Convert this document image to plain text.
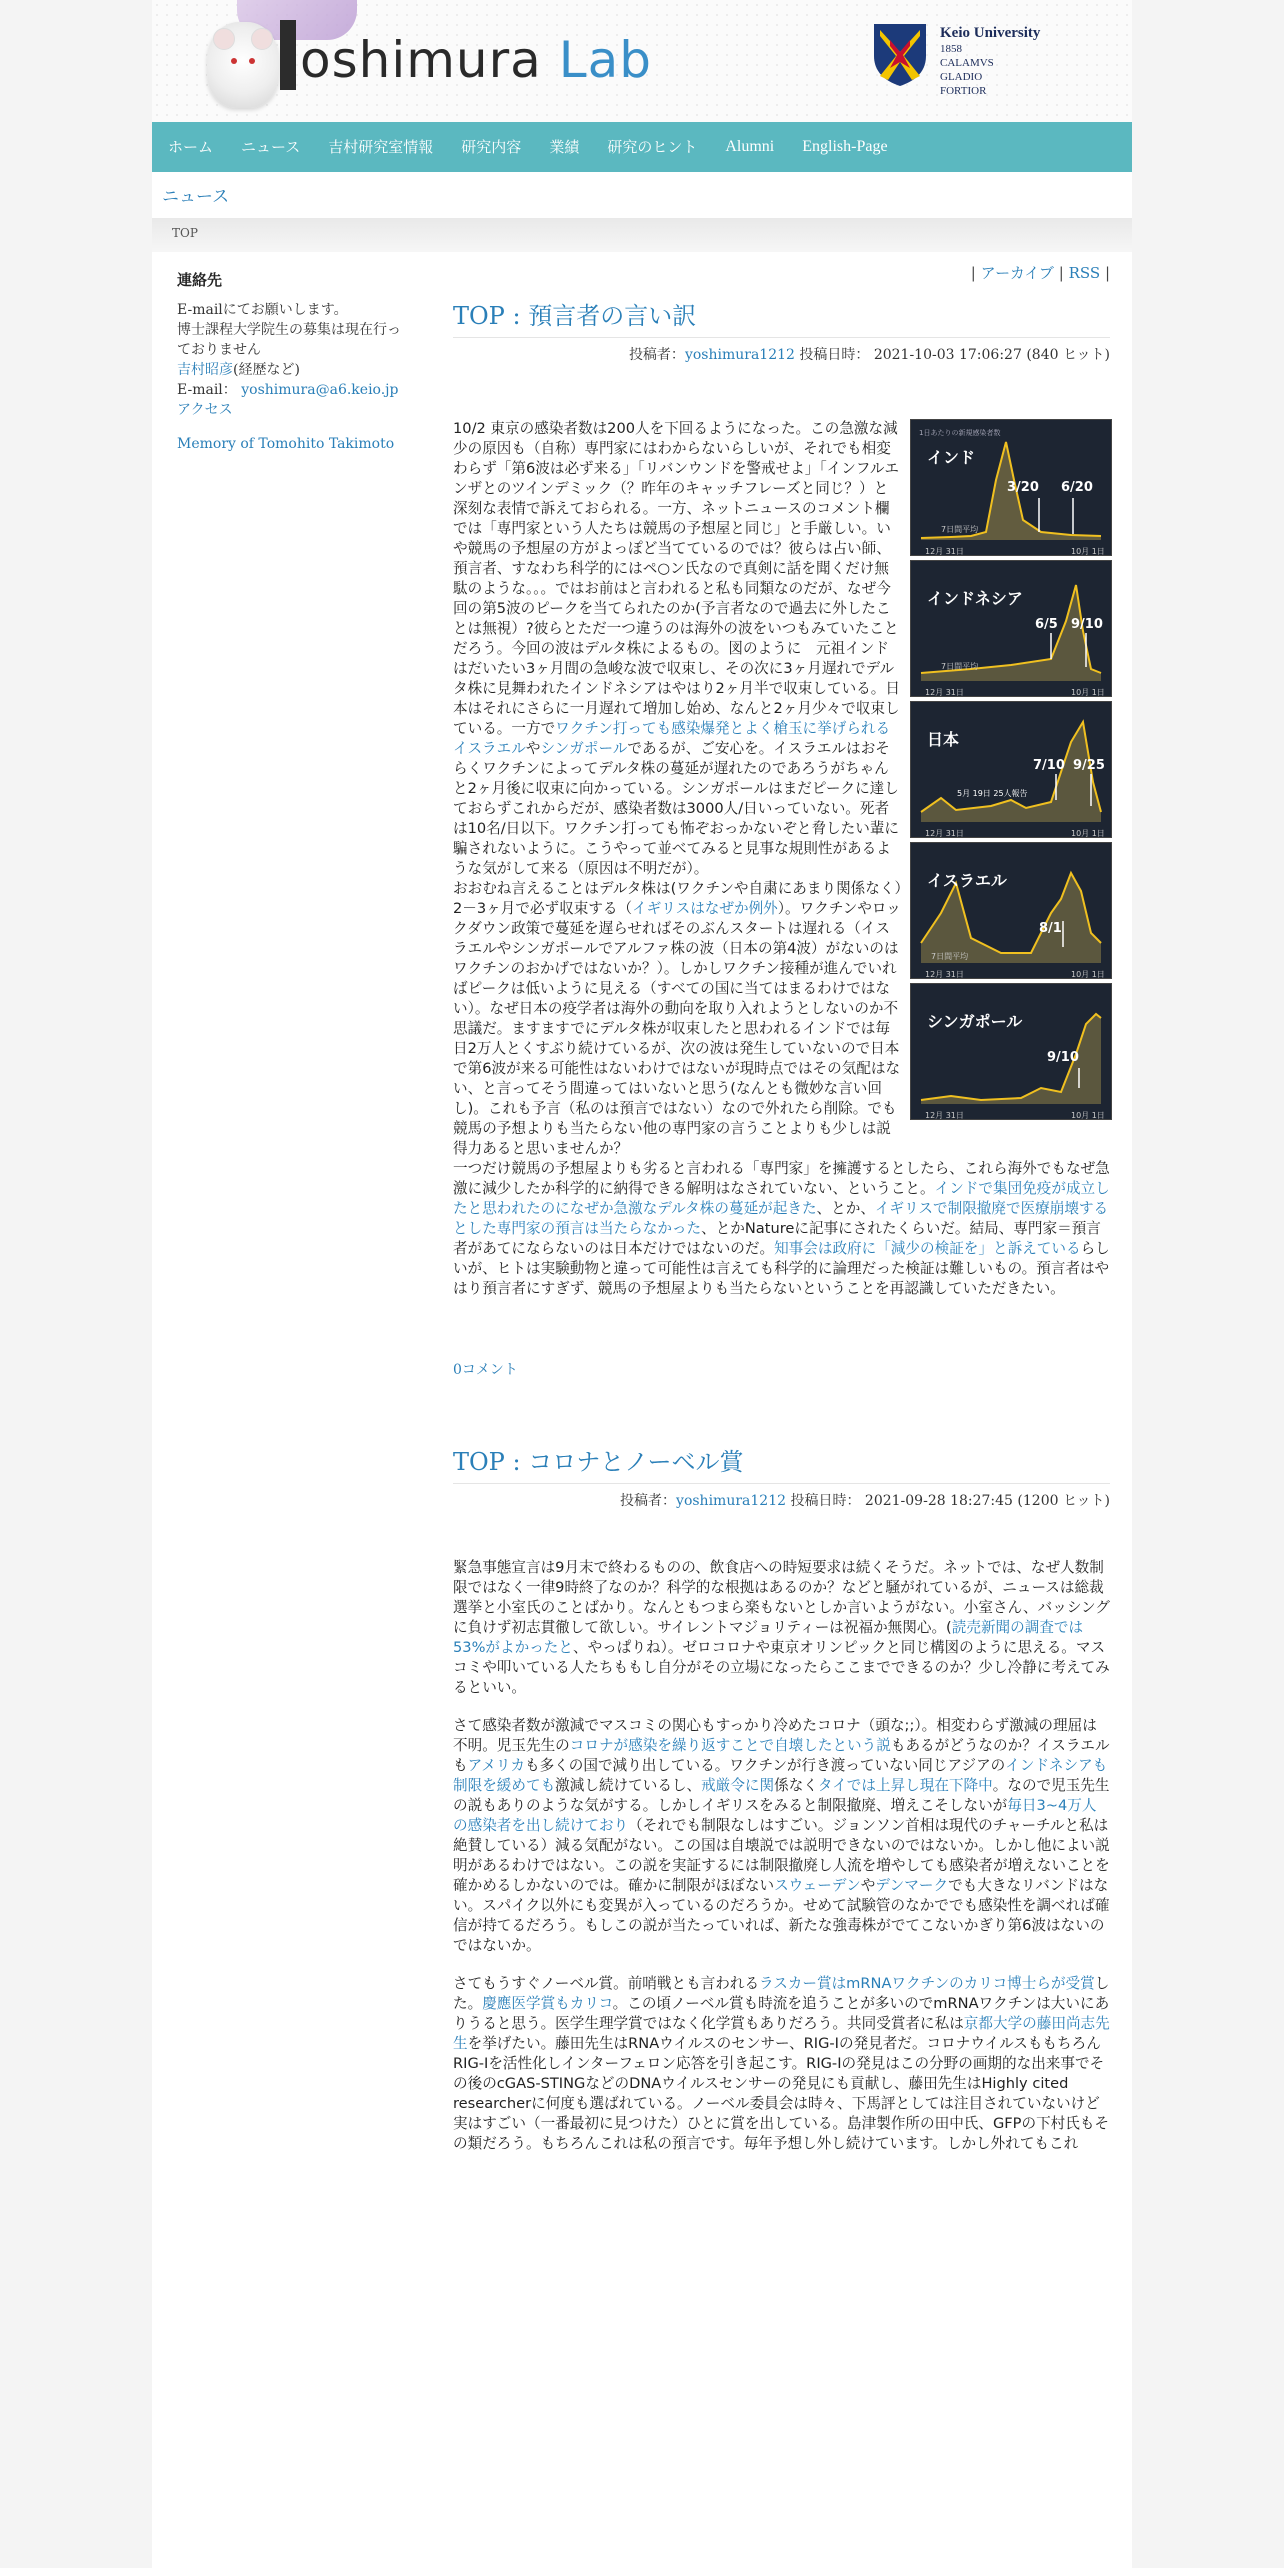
oshimura Lab	Keio University
1858
CALAMVS
GLADIO
FORTIOR
ホーム ニュース 吉村研究室情報 研究内容 業績 研究のヒント Alumni English-Page
ニュース
TOP
連絡先

E-mailにてお願いします。

博士課程大学院生の募集は現在行っておりません

吉村昭彦(経歴など)

E-mail： yoshimura@a6.keio.jp

アクセス

Memory of Tomohito Takimoto

| アーカイブ | RSS |
TOP : 預言者の言い訳
投稿者：yoshimura1212 投稿日時： 2021-10-03 17:06:27 (840 ヒット)
1日あたりの新規感染者数
インド
3/20 6/20
7日間平均
12月 31日	10月 1日
インドネシア
6/5 9/10
7日間平均
12月 31日	10月 1日
日本
7/10 9/25
5月 19日 25人報告
12月 31日	10月 1日
イスラエル
8/1
7日間平均
12月 31日	10月 1日
シンガポール
9/10
12月 31日	10月 1日

10/2 東京の感染者数は200人を下回るようになった。この急激な減少の原因も（自称）専門家にはわからないらしいが、それでも相変わらず「第6波は必ず来る」「リバンウンドを警戒せよ」「インフルエンザとのツインデミック（？昨年のキャッチフレーズと同じ？）と深刻な表情で訴えておられる。一方、ネットニュースのコメント欄では「専門家という人たちは競馬の予想屋と同じ」と手厳しい。いや競馬の予想屋の方がよっぽど当てているのでは？彼らは占い師、預言者、すなわち科学的にはペ○ン氏なので真剣に話を聞くだけ無駄のような。。。ではお前はと言われると私も同類なのだが、なぜ今回の第5波のピークを当てられたのか(予言者なので過去に外したことは無視）?彼らとただ一つ違うのは海外の波をいつもみていたことだろう。今回の波はデルタ株によるもの。図のように　元祖インドはだいたい3ヶ月間の急峻な波で収束し、その次に3ヶ月遅れでデルタ株に見舞われたインドネシアはやはり2ヶ月半で収束している。日本はそれにさらに一月遅れて増加し始め、なんと2ヶ月少々で収束している。一方でワクチン打っても感染爆発とよく槍玉に挙げられるイスラエルやシンガポールであるが、ご安心を。イスラエルはおそらくワクチンによってデルタ株の蔓延が遅れたのであろうがちゃんと2ヶ月後に収束に向かっている。シンガポールはまだピークに達しておらずこれからだが、感染者数は3000人/日いっていない。死者は10名/日以下。ワクチン打っても怖ぞおっかないぞと脅したい輩に騙されないように。こうやって並べてみると見事な規則性があるような気がして来る（原因は不明だが）。

おおむね言えることはデルタ株は(ワクチンや自粛にあまり関係なく）2－3ヶ月で必ず収束する（イギリスはなぜか例外）。ワクチンやロックダウン政策で蔓延を遅らせればそのぶんスタートは遅れる（イスラエルやシンガポールでアルファ株の波（日本の第4波）がないのはワクチンのおかげではないか？）。しかしワクチン接種が進んでいればピークは低いように見える（すべての国に当てはまるわけではない）。なぜ日本の疫学者は海外の動向を取り入れようとしないのか不思議だ。ますますでにデルタ株が収束したと思われるインドでは毎日2万人とくすぶり続けているが、次の波は発生していないので日本で第6波が来る可能性はないわけではないが現時点ではその気配はない、と言ってそう間違ってはいないと思う(なんとも微妙な言い回し)。これも予言（私のは預言ではない）なので外れたら削除。でも競馬の予想よりも当たらない他の専門家の言うことよりも少しは説得力あると思いませんか？

一つだけ競馬の予想屋よりも劣ると言われる「専門家」を擁護するとしたら、これら海外でもなぜ急激に減少したか科学的に納得できる解明はなされていない、ということ。インドで集団免疫が成立したと思われたのになぜか急激なデルタ株の蔓延が起きた、とか、イギリスで制限撤廃で医療崩壊するとした専門家の預言は当たらなかった、とかNatureに記事にされたくらいだ。結局、専門家＝預言者があてにならないのは日本だけではないのだ。知事会は政府に「減少の検証を」と訴えているらしいが、ヒトは実験動物と違って可能性は言えても科学的に論理だった検証は難しいもの。預言者はやはり預言者にすぎず、競馬の予想屋よりも当たらないということを再認識していただきたい。

0コメント
TOP : コロナとノーベル賞
投稿者：yoshimura1212 投稿日時： 2021-09-28 18:27:45 (1200 ヒット)

緊急事態宣言は9月末で終わるものの、飲食店への時短要求は続くそうだ。ネットでは、なぜ人数制限ではなく一律9時終了なのか？科学的な根拠はあるのか？などと騒がれているが、ニュースは総裁選挙と小室氏のことばかり。なんともつまら楽もないとしか言いようがない。小室さん、バッシングに負けず初志貫徹して欲しい。サイレントマジョリティーは祝福か無関心。(読売新聞の調査では53%がよかったと、やっぱりね）。ゼロコロナや東京オリンピックと同じ構図のように思える。マスコミや叩いている人たちももし自分がその立場になったらここまでできるのか？少し冷静に考えてみるといい。

さて感染者数が激減でマスコミの関心もすっかり冷めたコロナ（頭な;;）。相変わらず激減の理屈は不明。児玉先生のコロナが感染を繰り返すことで自壊したという説もあるがどうなのか？イスラエルもアメリカも多くの国で減り出している。ワクチンが行き渡っていない同じアジアのインドネシアも制限を緩めても激減し続けているし、戒厳令に関係なくタイでは上昇し現在下降中。なので児玉先生の説もありのような気がする。しかしイギリスをみると制限撤廃、増えこそしないが毎日3~4万人の感染者を出し続けており（それでも制限なしはすごい。ジョンソン首相は現代のチャーチルと私は絶賛している）減る気配がない。この国は自壊説では説明できないのではないか。しかし他によい説明があるわけではない。この説を実証するには制限撤廃し人流を増やしても感染者が増えないことを確かめるしかないのでは。確かに制限がほぼないスウェーデンやデンマークでも大きなリバンドはない。スパイク以外にも変異が入っているのだろうか。せめて試験管のなかででも感染性を調べれば確信が持てるだろう。もしこの説が当たっていれば、新たな強毒株がでてこないかぎり第6波はないのではないか。

さてもうすぐノーベル賞。前哨戦とも言われるラスカー賞はmRNAワクチンのカリコ博士らが受賞した。慶應医学賞もカリコ。この頃ノーベル賞も時流を追うことが多いのでmRNAワクチンは大いにありうると思う。医学生理学賞ではなく化学賞もありだろう。共同受賞者に私は京都大学の藤田尚志先生を挙げたい。藤田先生はRNAウイルスのセンサー、RIG-Iの発見者だ。コロナウイルスももちろんRIG-Iを活性化しインターフェロン応答を引き起こす。RIG-Iの発見はこの分野の画期的な出来事でその後のcGAS-STINGなどのDNAウイルスセンサーの発見にも貢献し、藤田先生はHighly cited researcherに何度も選ばれている。ノーベル委員会は時々、下馬評としては注目されていないけど実はすごい（一番最初に見つけた）ひとに賞を出している。島津製作所の田中氏、GFPの下村氏もその類だろう。もちろんこれは私の預言です。毎年予想し外し続けています。しかし外れてもこれ
